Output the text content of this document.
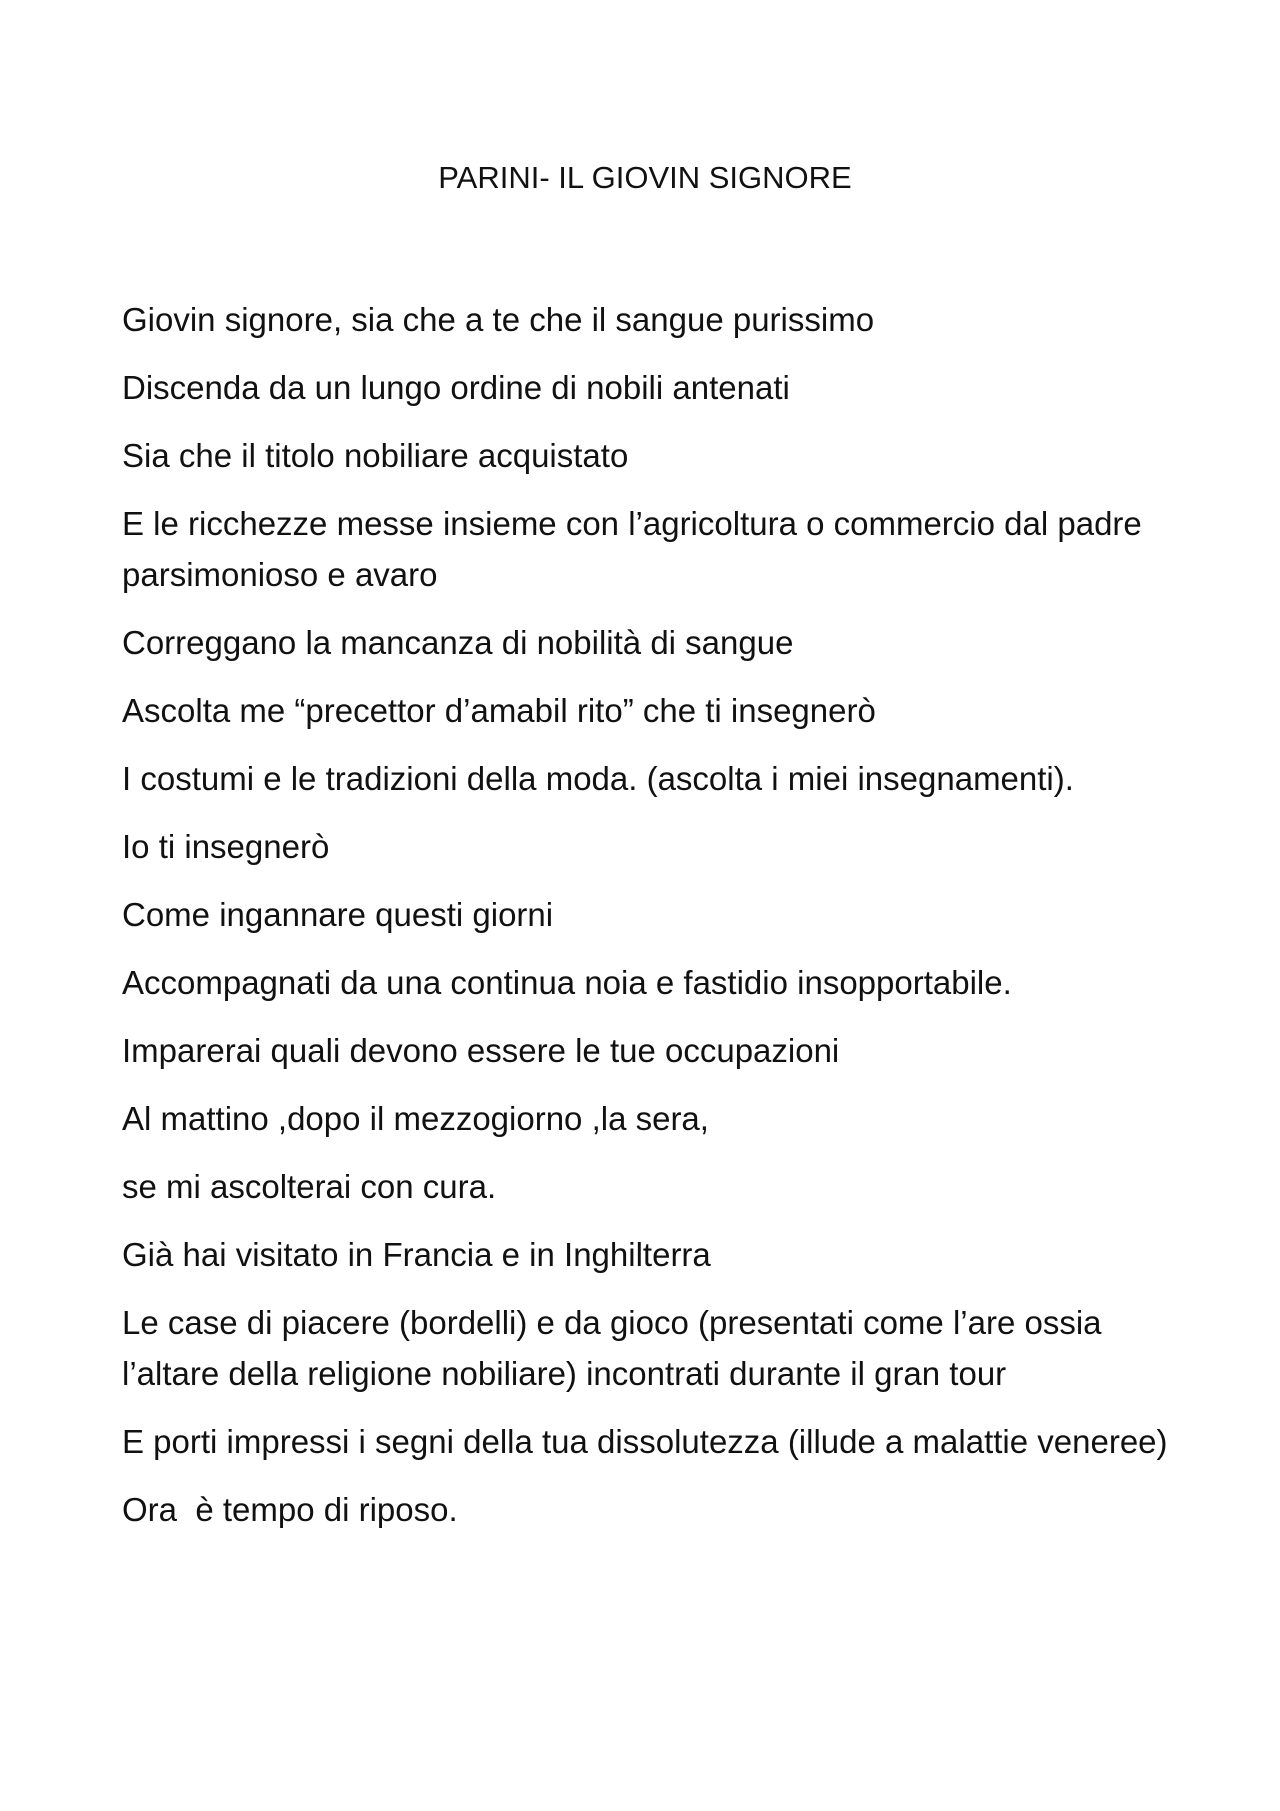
PARINI- IL GIOVIN SIGNORE

Giovin signore, sia che a te che il sangue purissimo

Discenda da un lungo ordine di nobili antenati

Sia che il titolo nobiliare acquistato

E le ricchezze messe insieme con l’agricoltura o commercio dal padre parsimonioso e avaro

Correggano la mancanza di nobilità di sangue

Ascolta me “precettor d’amabil rito” che ti insegnerò

I costumi e le tradizioni della moda. (ascolta i miei insegnamenti).

Io ti insegnerò

Come ingannare questi giorni

Accompagnati da una continua noia e fastidio insopportabile.

Imparerai quali devono essere le tue occupazioni

Al mattino ,dopo il mezzogiorno ,la sera,

se mi ascolterai con cura.

Già hai visitato in Francia e in Inghilterra

Le case di piacere (bordelli) e da gioco (presentati come l’are ossia l’altare della religione nobiliare) incontrati durante il gran tour

E porti impressi i segni della tua dissolutezza (illude a malattie veneree)

Ora  è tempo di riposo.
